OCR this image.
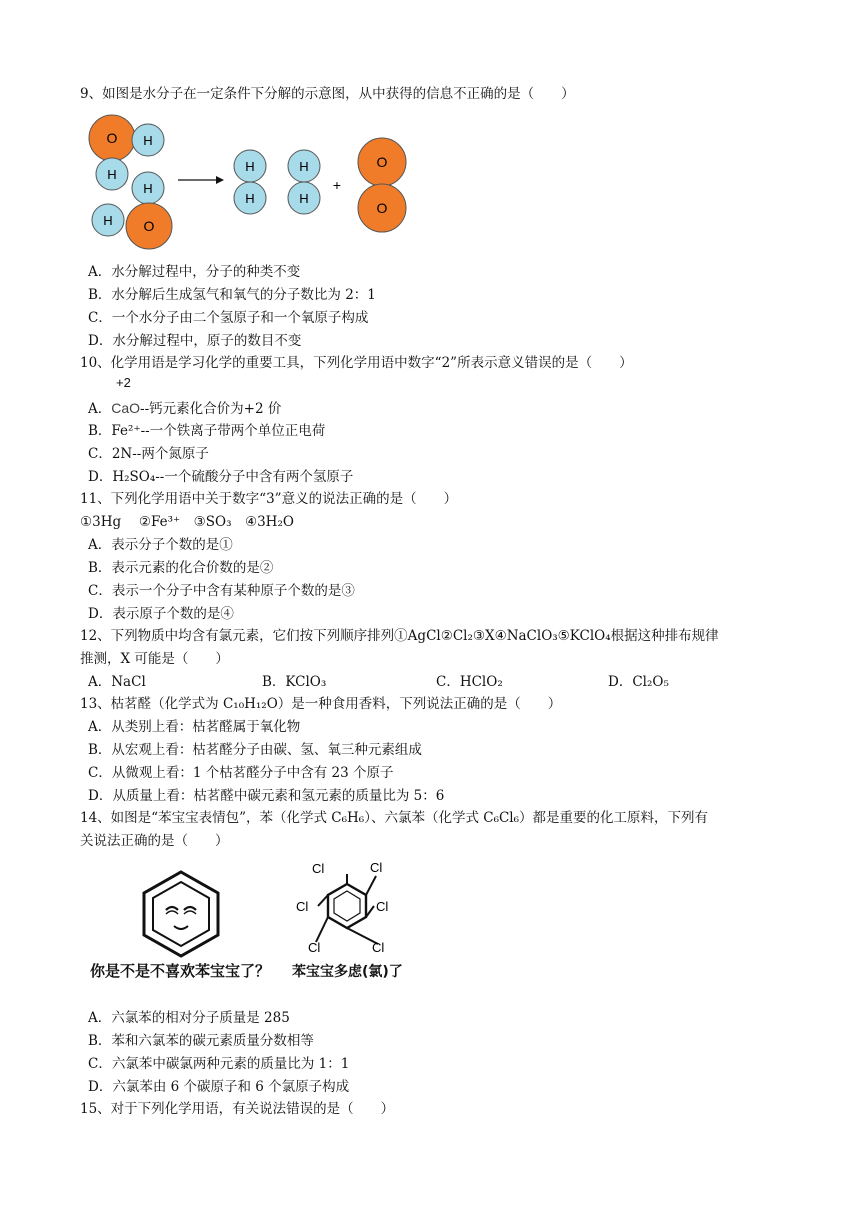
9、如图是水分子在一定条件下分解的示意图，从中获得的信息不正确的是（　　）
O H
H
H
H O
H
H
H
H
+
O
O
A．水分解过程中，分子的种类不变
B．水分解后生成氢气和氧气的分子数比为 2：1
C．一个水分子由二个氢原子和一个氧原子构成
D．水分解过程中，原子的数目不变
10、化学用语是学习化学的重要工具，下列化学用语中数字“2”所表示意义错误的是（　　）
+2
A．CaO--钙元素化合价为+2 价
B．Fe²⁺--一个铁离子带两个单位正电荷
C．2N--两个氮原子
D．H₂SO₄--一个硫酸分子中含有两个氢原子
11、下列化学用语中关于数字“3”意义的说法正确的是（　　）
①3Hg　 ②Fe³⁺　③SO₃　④3H₂O
A．表示分子个数的是①
B．表示元素的化合价数的是②
C．表示一个分子中含有某种原子个数的是③
D．表示原子个数的是④
12、下列物质中均含有氯元素，它们按下列顺序排列①AgCl②Cl₂③X④NaClO₃⑤KClO₄根据这种排布规律
推测，X 可能是（　　）
A．NaCl	B．KClO₃	C．HClO₂	D．Cl₂O₅
13、枯茗醛（化学式为 C₁₀H₁₂O）是一种食用香料，下列说法正确的是（　　）
A．从类别上看：枯茗醛属于氧化物
B．从宏观上看：枯茗醛分子由碳、氢、氧三种元素组成
C．从微观上看：1 个枯茗醛分子中含有 23 个原子
D．从质量上看：枯茗醛中碳元素和氢元素的质量比为 5：6
14、如图是“苯宝宝表情包”，苯（化学式 C₆H₆）、六氯苯（化学式 C₆Cl₆）都是重要的化工原料，下列有
关说法正确的是（　　）
Cl	Cl
Cl	Cl
Cl	Cl
你是不是不喜欢苯宝宝了？ 苯宝宝多虑(氯)了
A．六氯苯的相对分子质量是 285
B．苯和六氯苯的碳元素质量分数相等
C．六氯苯中碳氯两种元素的质量比为 1：1
D．六氯苯由 6 个碳原子和 6 个氯原子构成
15、对于下列化学用语，有关说法错误的是（　　）
